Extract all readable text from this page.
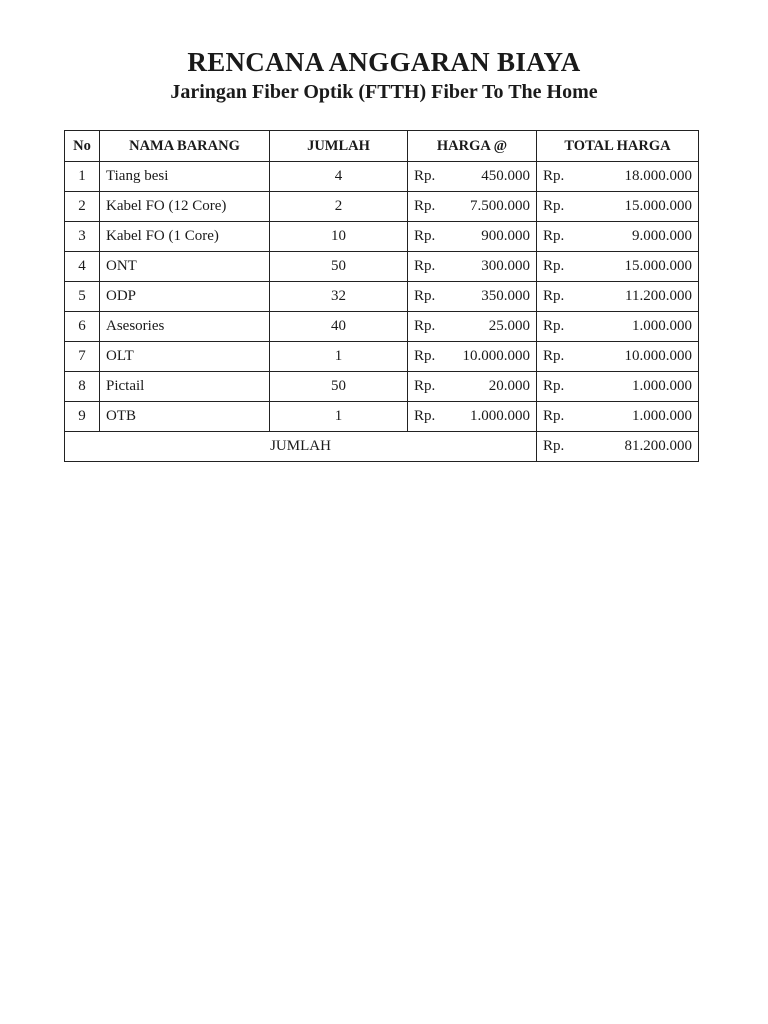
RENCANA ANGGARAN BIAYA
Jaringan Fiber Optik (FTTH) Fiber To The Home
No	NAMA BARANG	JUMLAH	HARGA @	TOTAL HARGA
1	Tiang besi	4	Rp. 450.000	Rp. 18.000.000

2	Kabel FO (12 Core)	2	Rp. 7.500.000	Rp. 15.000.000

3	Kabel FO (1 Core)	10	Rp. 900.000	Rp. 9.000.000

4	ONT	50	Rp. 300.000	Rp. 15.000.000

5	ODP	32	Rp. 350.000	Rp. 11.200.000

6	Asesories	40	Rp. 25.000	Rp. 1.000.000

7	OLT	1	Rp. 10.000.000	Rp. 10.000.000

8	Pictail	50	Rp. 20.000	Rp. 1.000.000

9	OTB	1	Rp. 1.000.000	Rp. 1.000.000

JUMLAH				Rp. 81.200.000
